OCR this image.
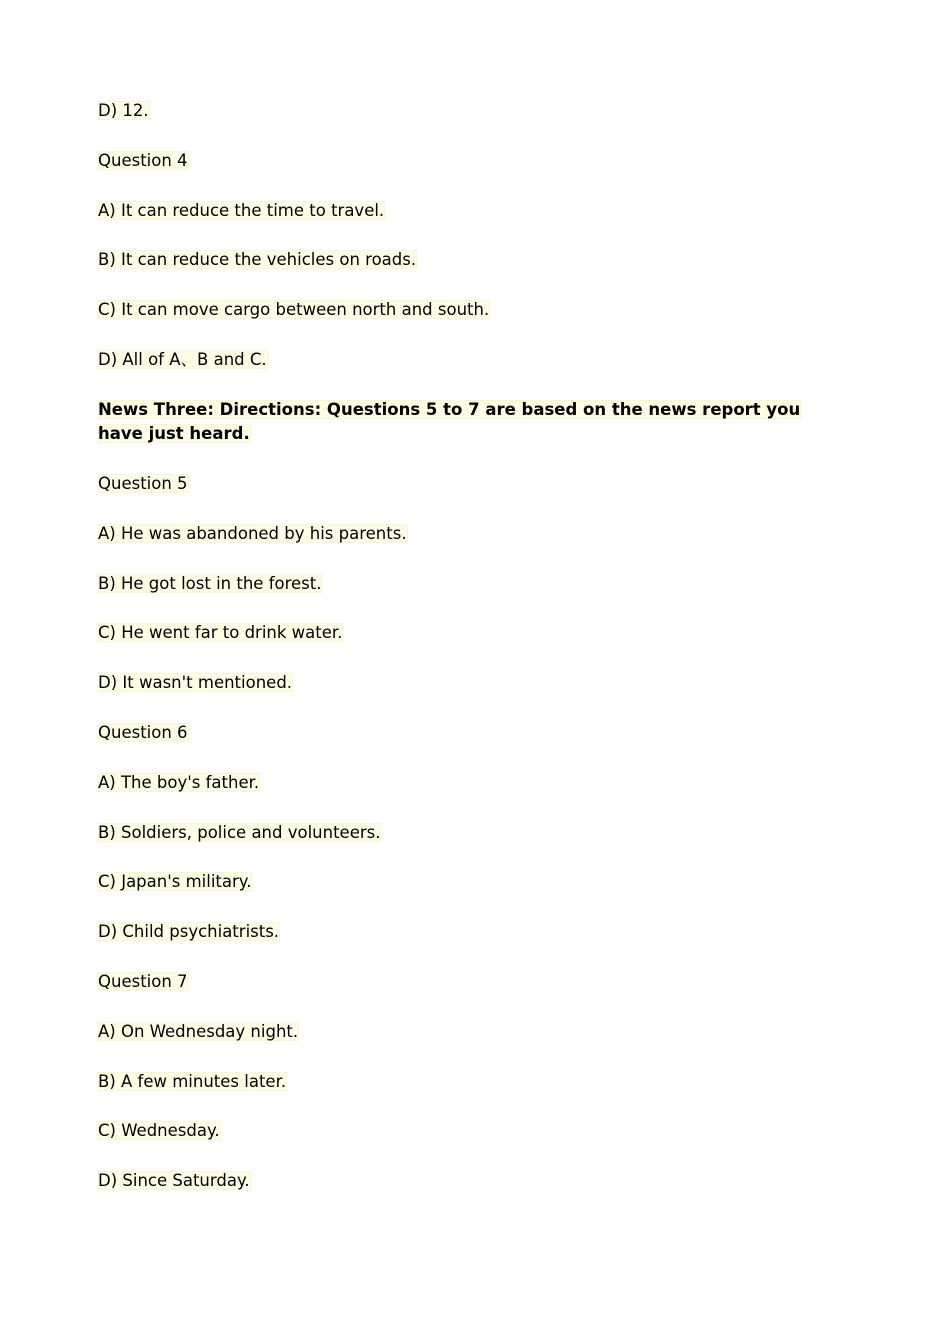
D) 12.
Question 4
A) It can reduce the time to travel.
B) It can reduce the vehicles on roads.
C) It can move cargo between north and south.
D) All of A、B and C.
News Three: Directions: Questions 5 to 7 are based on the news report you have just heard.
Question 5
A) He was abandoned by his parents.
B) He got lost in the forest.
C) He went far to drink water.
D) It wasn't mentioned.
Question 6
A) The boy's father.
B) Soldiers, police and volunteers.
C) Japan's military.
D) Child psychiatrists.
Question 7
A) On Wednesday night.
B) A few minutes later.
C) Wednesday.
D) Since Saturday.
